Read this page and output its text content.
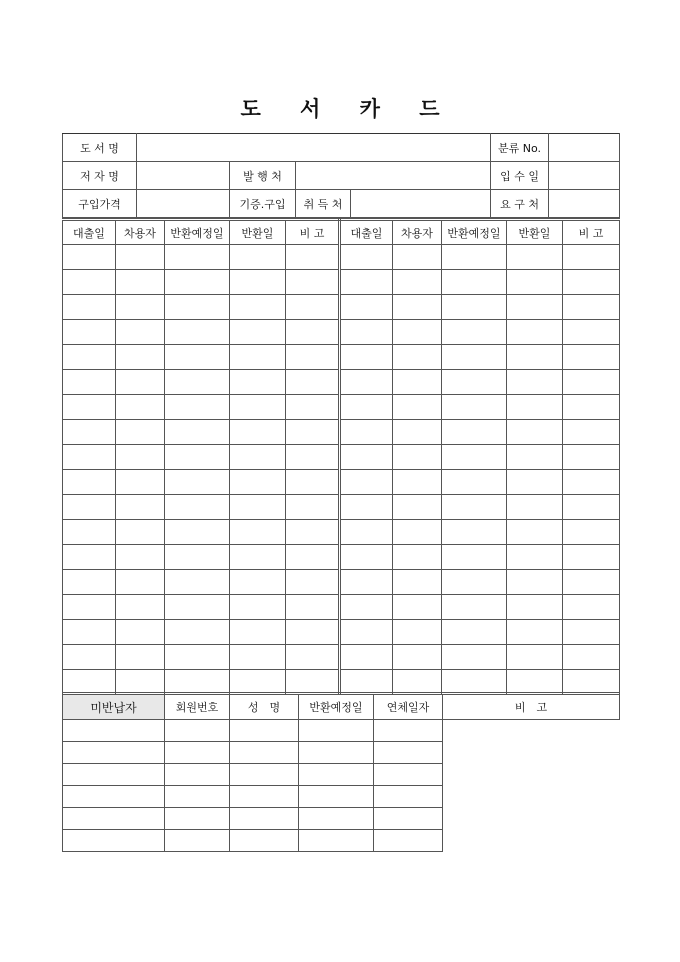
도 서 카 드
도 서 명					분류 No.	
저 자 명		발 행 처			입 수 일	
구입가격		기증.구입	취 득 처		요 구 처	
대출일	차용자	반환예정일	반환일	비 고	대출일	차용자	반환예정일	반환일	비 고

미반납자	회원번호	성　명	반환예정일	연체일자	비　고
